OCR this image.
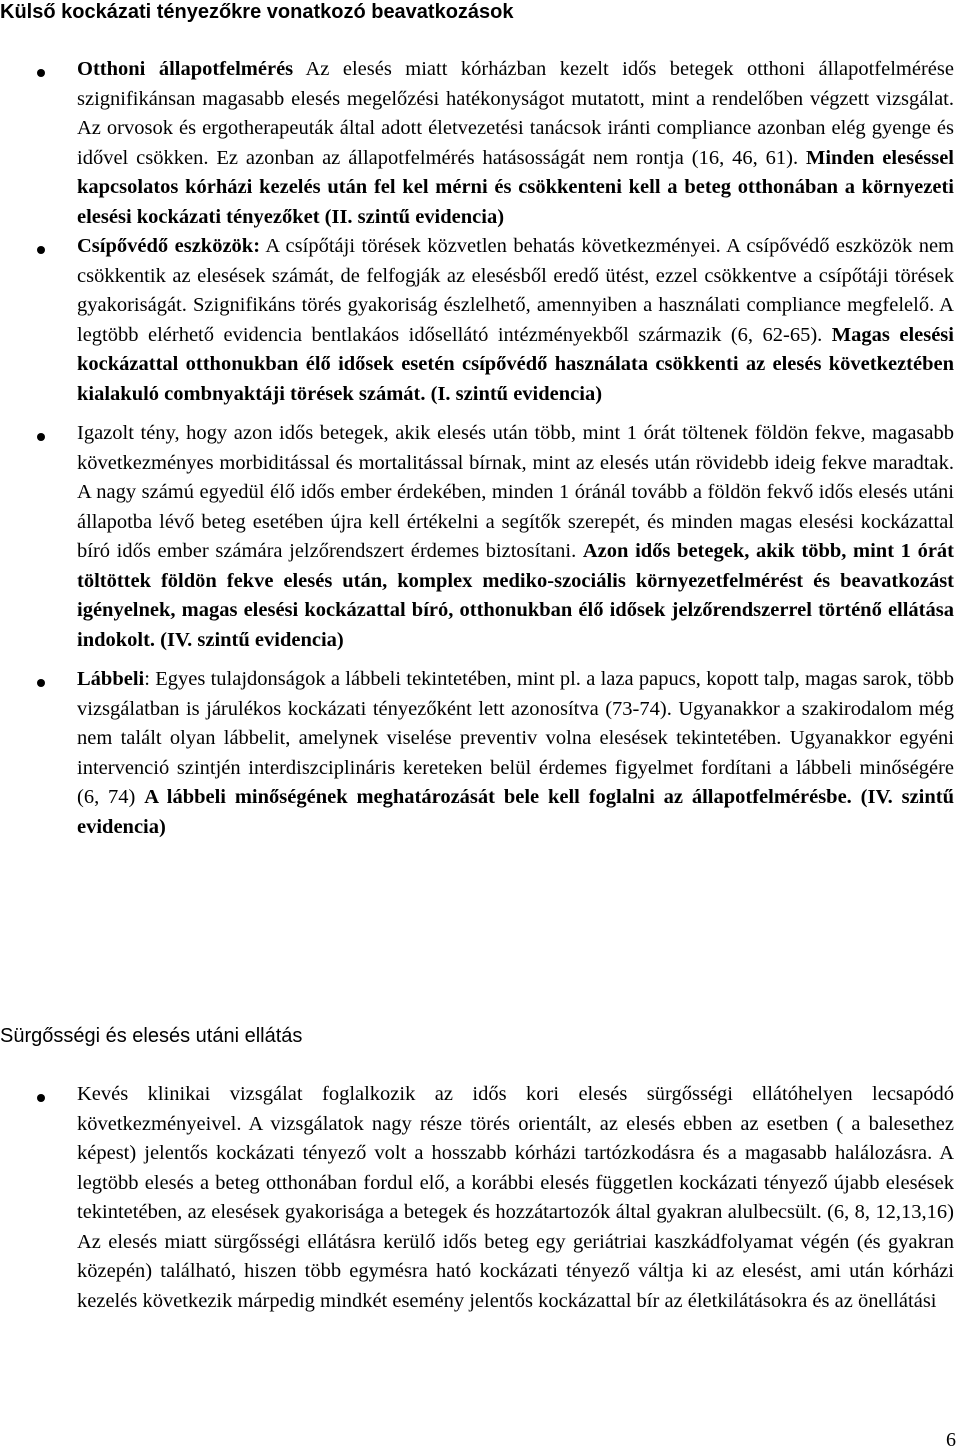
Külső kockázati tényezőkre vonatkozó beavatkozások

Otthoni állapotfelmérés Az elesés miatt kórházban kezelt idős betegek otthoni állapotfelmérése szignifikánsan magasabb elesés megelőzési hatékonyságot mutatott, mint a rendelőben végzett vizsgálat. Az orvosok és ergotherapeuták által adott életvezetési tanácsok iránti compliance azonban elég gyenge és idővel csökken. Ez azonban az állapotfelmérés hatásosságát nem rontja (16, 46, 61). Minden eleséssel kapcsolatos kórházi kezelés után fel kel mérni és csökkenteni kell a beteg otthonában a környezeti elesési kockázati tényezőket (II. szintű evidencia)

Csípővédő eszközök: A csípőtáji törések közvetlen behatás következményei. A csípővédő eszközök nem csökkentik az elesések számát, de felfogják az elesésből eredő ütést, ezzel csökkentve a csípőtáji törések gyakoriságát. Szignifikáns törés gyakoriság észlelhető, amennyiben a használati compliance megfelelő. A legtöbb elérhető evidencia bentlakáos idősellátó intézményekből származik (6, 62-65). Magas elesési kockázattal otthonukban élő idősek esetén csípővédő használata csökkenti az elesés következtében kialakuló combnyaktáji törések számát. (I. szintű evidencia)

Igazolt tény, hogy azon idős betegek, akik elesés után több, mint 1 órát töltenek földön fekve, magasabb következményes morbiditással és mortalitással bírnak, mint az elesés után rövidebb ideig fekve maradtak. A nagy számú egyedül élő idős ember érdekében, minden 1 óránál tovább a földön fekvő idős elesés utáni állapotba lévő beteg esetében újra kell értékelni a segítők szerepét, és minden magas elesési kockázattal bíró idős ember számára jelzőrendszert érdemes biztosítani. Azon idős betegek, akik több, mint 1 órát töltöttek földön fekve elesés után, komplex mediko-szociális környezetfelmérést és beavatkozást igényelnek, magas elesési kockázattal bíró, otthonukban élő idősek jelzőrendszerrel történő ellátása indokolt. (IV. szintű evidencia)

Lábbeli: Egyes tulajdonságok a lábbeli tekintetében, mint pl. a laza papucs, kopott talp, magas sarok, több vizsgálatban is járulékos kockázati tényezőként lett azonosítva (73-74). Ugyanakkor a szakirodalom még nem talált olyan lábbelit, amelynek viselése preventiv volna elesések tekintetében. Ugyanakkor egyéni intervenció szintjén interdiszciplináris kereteken belül érdemes figyelmet fordítani a lábbeli minőségére (6, 74) A lábbeli minőségének meghatározását bele kell foglalni az állapotfelmérésbe. (IV. szintű evidencia)

Sürgősségi és elesés utáni ellátás

Kevés klinikai vizsgálat foglalkozik az idős kori elesés sürgősségi ellátóhelyen lecsapódó következményeivel. A vizsgálatok nagy része törés orientált, az elesés ebben az esetben ( a balesethez képest) jelentős kockázati tényező volt a hosszabb kórházi tartózkodásra és a magasabb halálozásra. A legtöbb elesés a beteg otthonában fordul elő, a korábbi elesés független kockázati tényező újabb elesések tekintetében, az elesések gyakorisága a betegek és hozzátartozók által gyakran alulbecsült. (6, 8, 12,13,16) Az elesés miatt sürgősségi ellátásra kerülő idős beteg egy geriátriai kaszkádfolyamat végén (és gyakran közepén) található, hiszen több egymésra ható kockázati tényező váltja ki az elesést, ami után kórházi kezelés következik márpedig mindkét esemény jelentős kockázattal bír az életkilátásokra és az önellátási

6
